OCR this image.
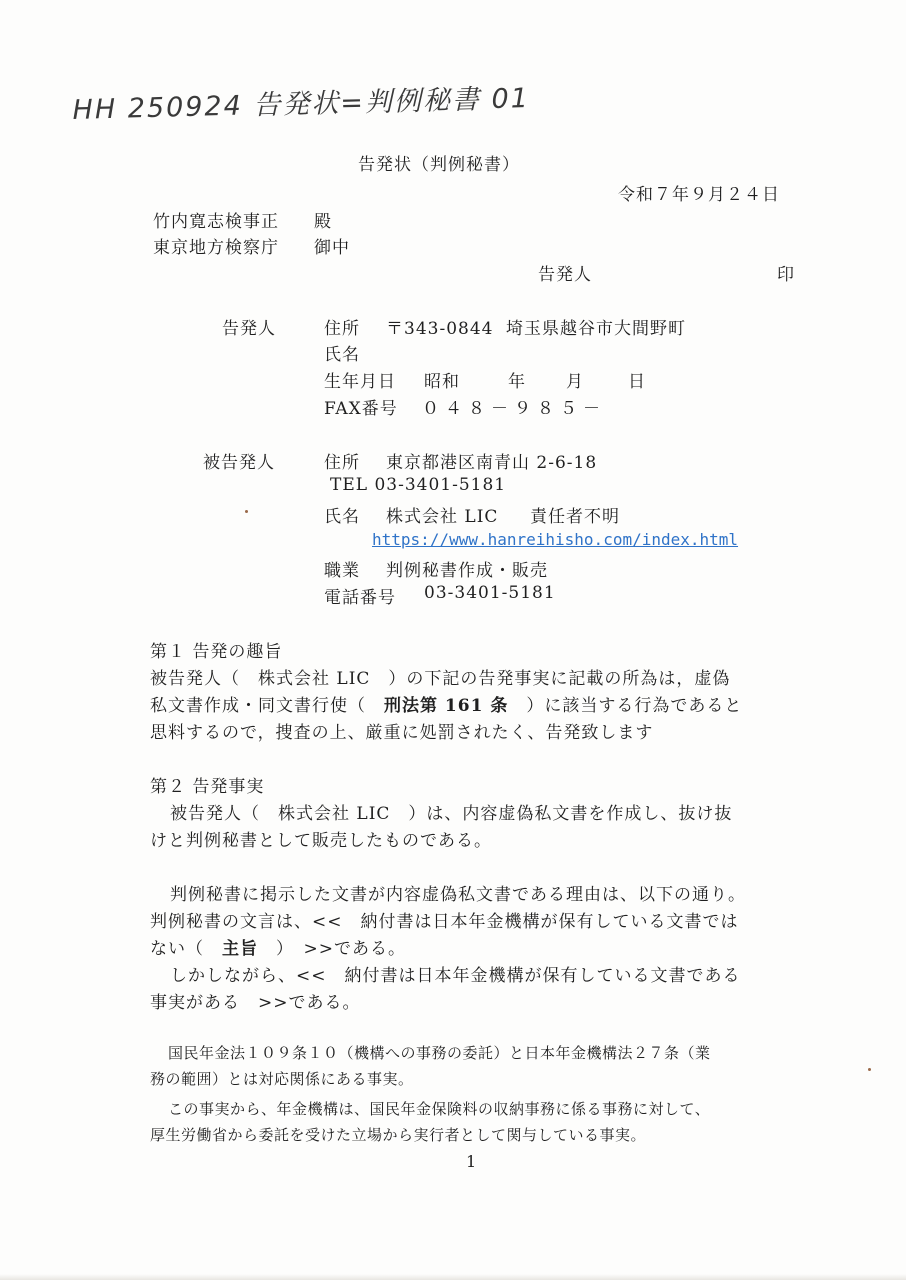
HH 250924 告発状=判例秘書 01
告発状（判例秘書）
令和７年９月２４日
竹内寛志検事正 殿
東京地方検察庁 御中
告発人	印
告発人	住所 〒343-0844 埼玉県越谷市大間野町
氏名
生年月日 昭和	年 月	日
FAX番号 ０４８－９８５－
被告発人	住所 東京都港区南青山 2-6-18
TEL 03-3401-5181
氏名 株式会社 LIC 責任者不明
https://www.hanreihisho.com/index.html
職業 判例秘書作成・販売
電話番号 03-3401-5181
第１ 告発の趣旨
被告発人（　株式会社 LIC　）の下記の告発事実に記載の所為は，虚偽
私文書作成・同文書行使（　刑法第 161 条　）に該当する行為であると
思料するので，捜査の上、厳重に処罰されたく、告発致します
第２ 告発事実
被告発人（　株式会社 LIC　）は、内容虚偽私文書を作成し、抜け抜
けと判例秘書として販売したものである。
判例秘書に掲示した文書が内容虚偽私文書である理由は、以下の通り。
判例秘書の文言は、<<　納付書は日本年金機構が保有している文書では
ない（　主旨　）　>>である。
しかしながら、<<　納付書は日本年金機構が保有している文書である
事実がある　>>である。
国民年金法１０９条１０（機構への事務の委託）と日本年金機構法２７条（業
務の範囲）とは対応関係にある事実。
この事実から、年金機構は、国民年金保険料の収納事務に係る事務に対して、
厚生労働省から委託を受けた立場から実行者として関与している事実。
1
